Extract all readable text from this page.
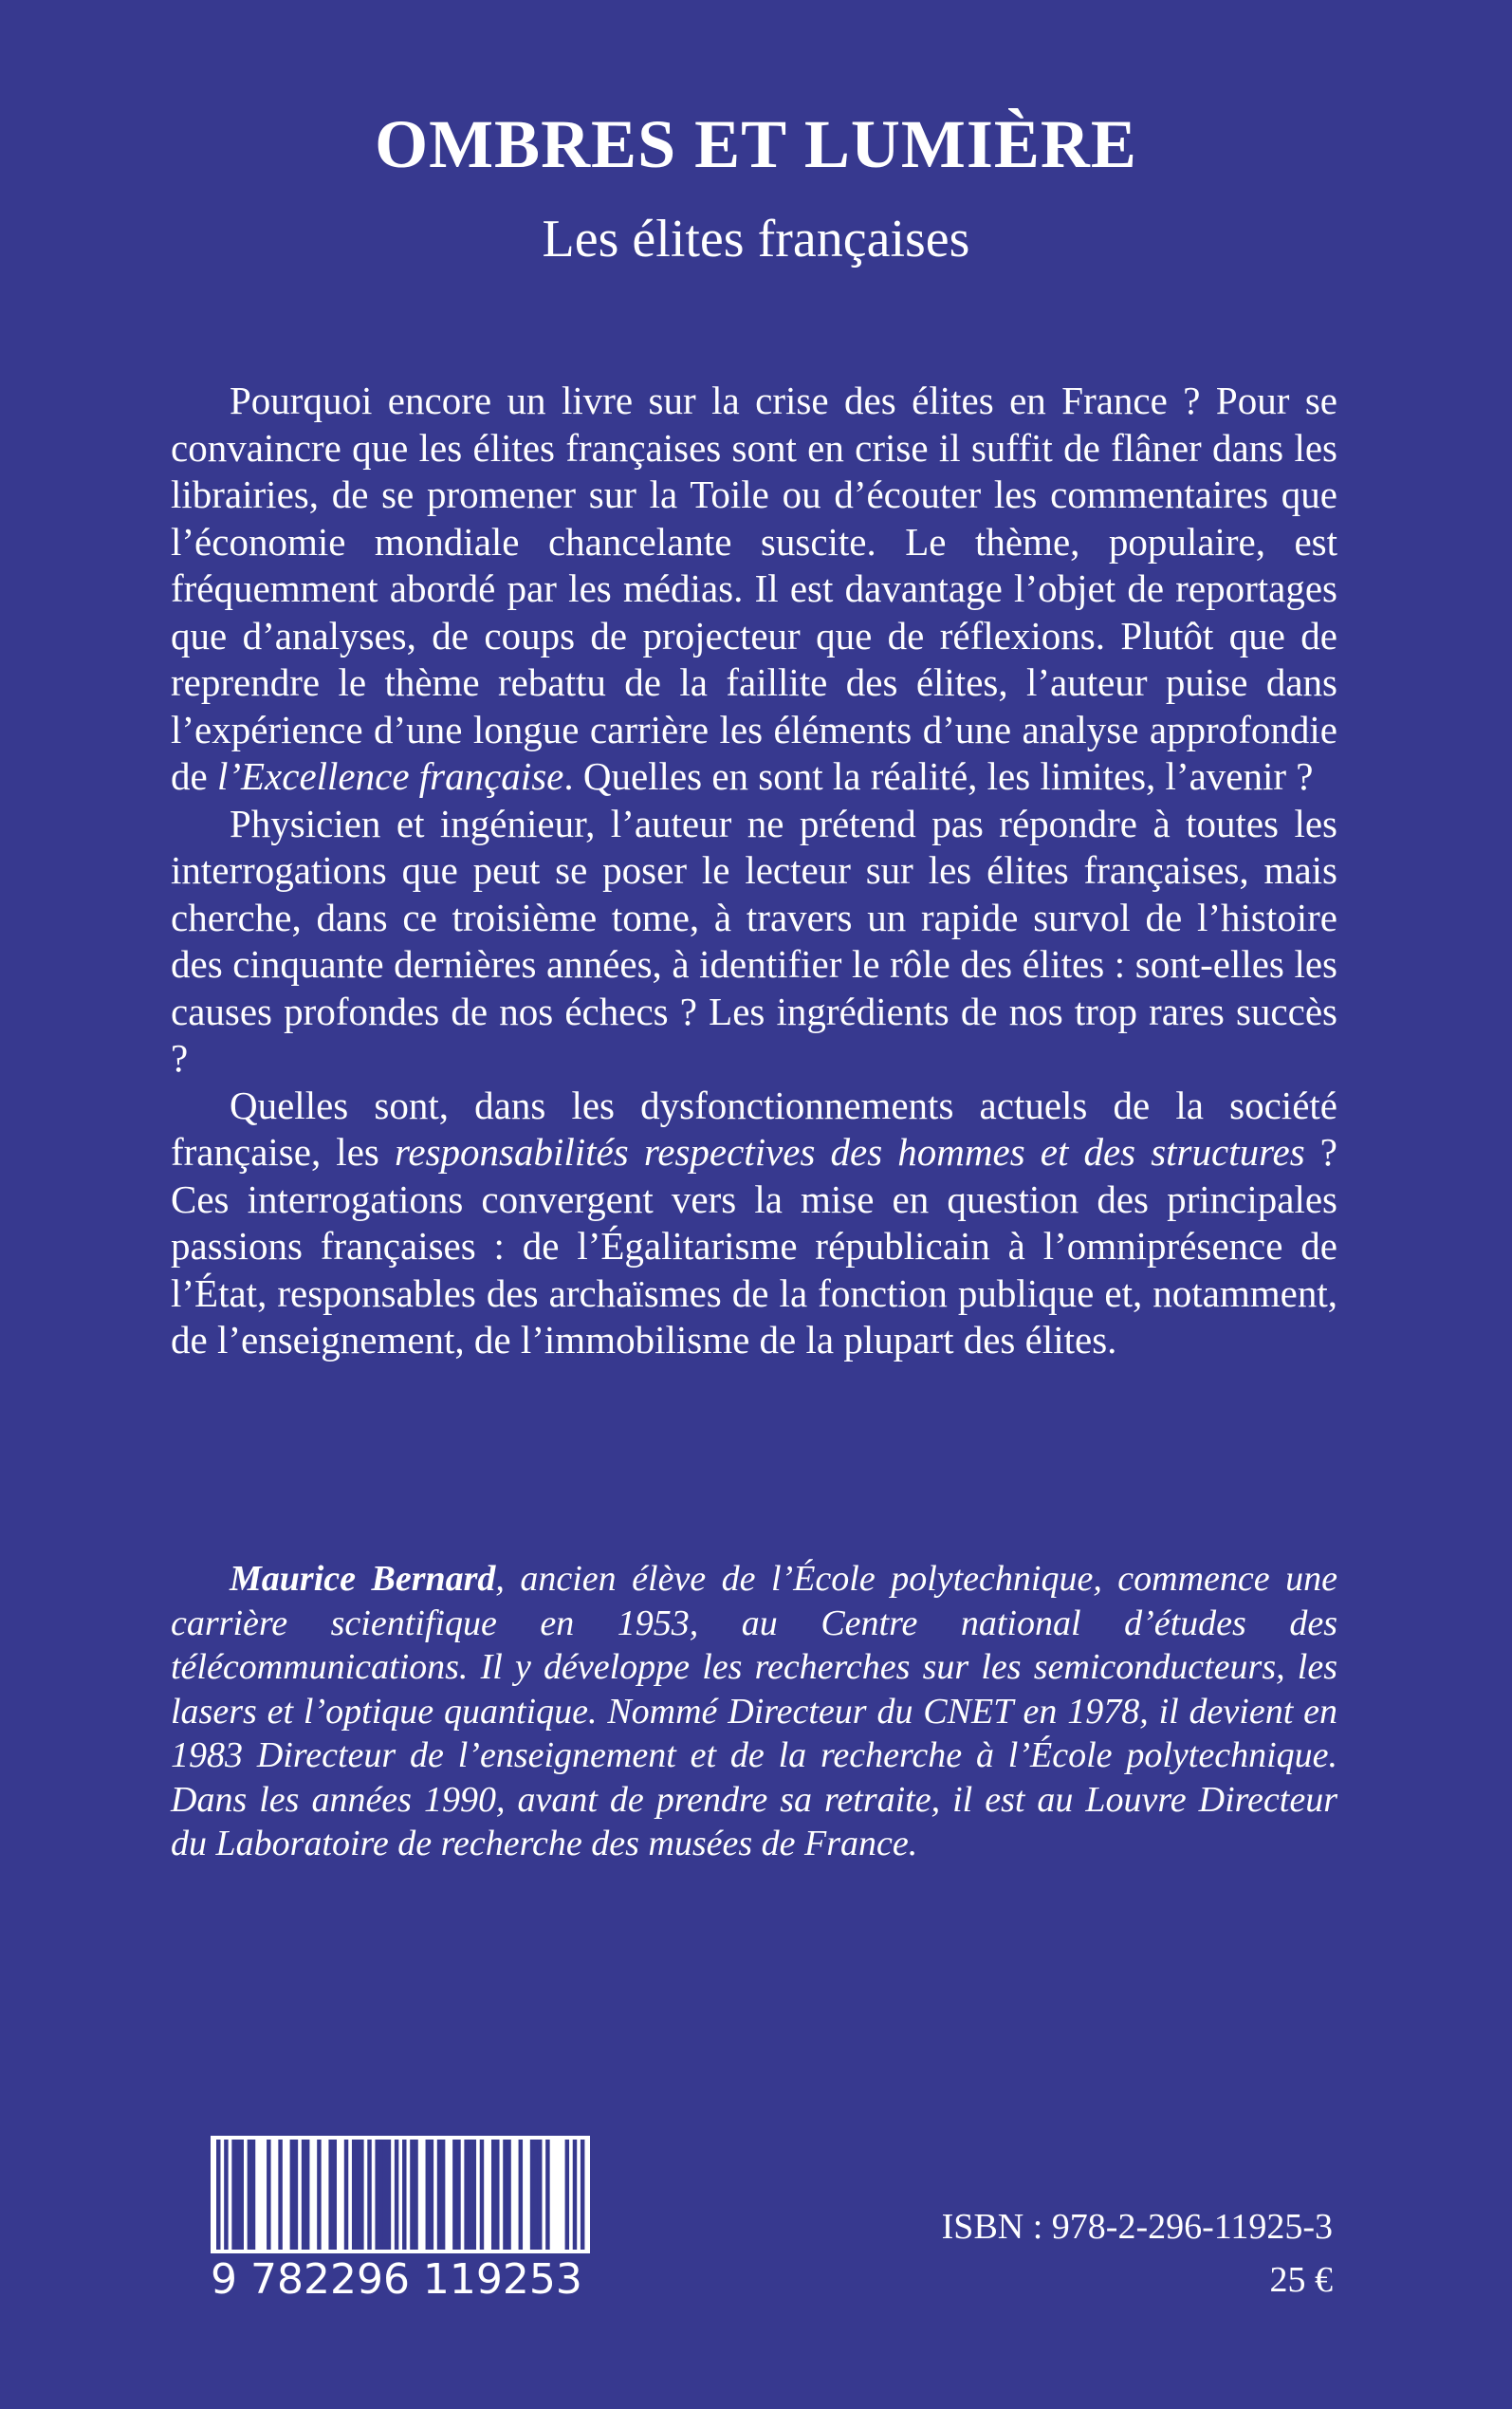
OMBRES ET LUMIÈRE
Les élites françaises

Pourquoi encore un livre sur la crise des élites en France ? Pour se convaincre que les élites françaises sont en crise il suffit de flâner dans les librairies, de se promener sur la Toile ou d’écouter les commentaires que l’économie mondiale chancelante suscite. Le thème, populaire, est fréquemment abordé par les médias. Il est davantage l’objet de reportages que d’analyses, de coups de projecteur que de réflexions. Plutôt que de reprendre le thème rebattu de la faillite des élites, l’auteur puise dans l’expérience d’une longue carrière les éléments d’une analyse approfondie de l’Excellence française. Quelles en sont la réalité, les limites, l’avenir ?

Physicien et ingénieur, l’auteur ne prétend pas répondre à toutes les interrogations que peut se poser le lecteur sur les élites françaises, mais cherche, dans ce troisième tome, à travers un rapide survol de l’histoire des cinquante dernières années, à identifier le rôle des élites : sont-elles les causes profondes de nos échecs ? Les ingrédients de nos trop rares succès ?

Quelles sont, dans les dysfonctionnements actuels de la société française, les responsabilités respectives des hommes et des structures ? Ces interrogations convergent vers la mise en question des principales passions françaises : de l’Égalitarisme républicain à l’omniprésence de l’État, responsables des archaïsmes de la fonction publique et, notamment, de l’enseignement, de l’immobilisme de la plupart des élites.

Maurice Bernard, ancien élève de l’École polytechnique, commence une carrière scientifique en 1953, au Centre national d’études des télécommunications. Il y développe les recherches sur les semiconducteurs, les lasers et l’optique quantique. Nommé Directeur du CNET en 1978, il devient en 1983 Directeur de l’enseignement et de la recherche à l’École polytechnique. Dans les années 1990, avant de prendre sa retraite, il est au Louvre Directeur du Laboratoire de recherche des musées de France.

9 782296 119253
ISBN : 978-2-296-11925-3
25 €
